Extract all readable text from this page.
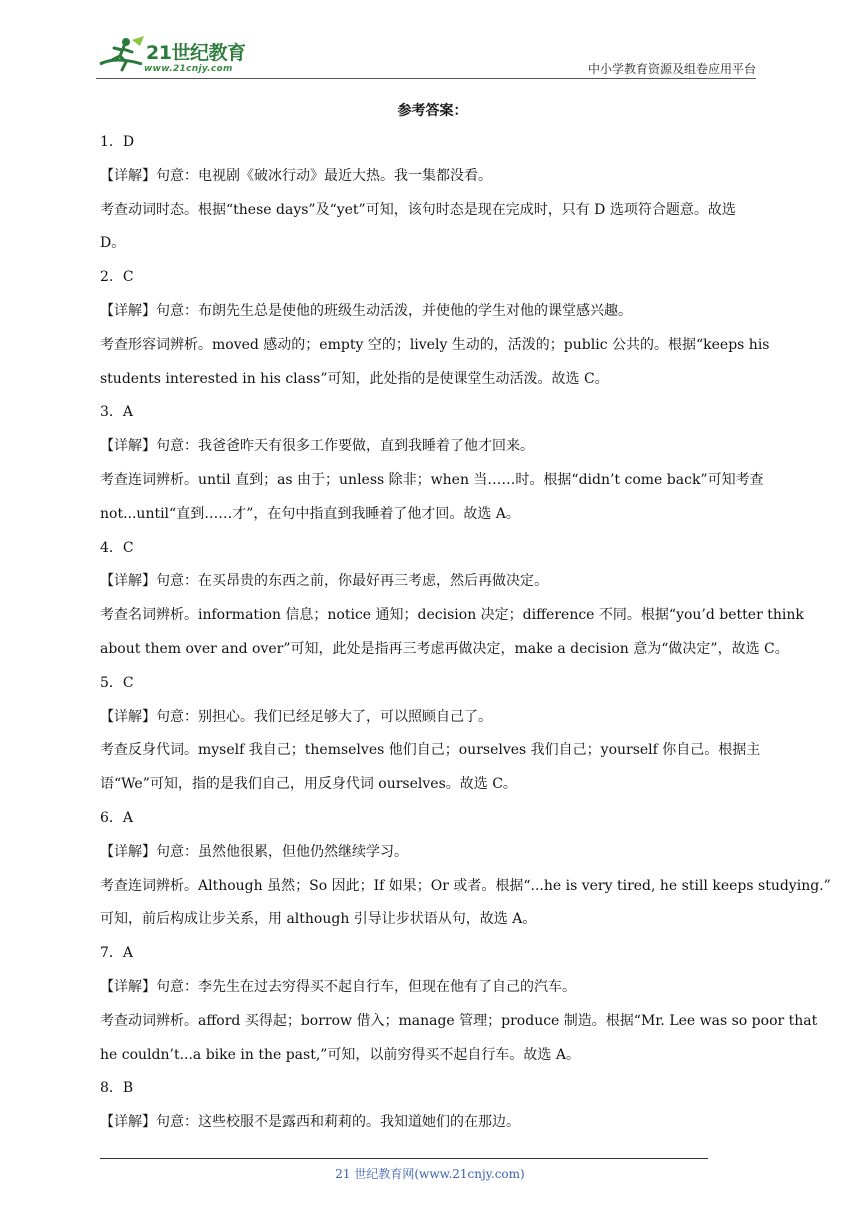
21世纪教育
www.21cnjy.com	中小学教育资源及组卷应用平台
参考答案：

1．D

【详解】句意：电视剧《破冰行动》最近大热。我一集都没看。

考查动词时态。根据“these days”及“yet”可知，该句时态是现在完成时，只有 D 选项符合题意。故选

D。

2．C

【详解】句意：布朗先生总是使他的班级生动活泼，并使他的学生对他的课堂感兴趣。

考查形容词辨析。moved 感动的；empty 空的；lively 生动的，活泼的；public 公共的。根据“keeps his

students interested in his class”可知，此处指的是使课堂生动活泼。故选 C。

3．A

【详解】句意：我爸爸昨天有很多工作要做，直到我睡着了他才回来。

考查连词辨析。until 直到；as 由于；unless 除非；when 当……时。根据“didn’t come back”可知考查

not...until“直到……才”，在句中指直到我睡着了他才回。故选 A。

4．C

【详解】句意：在买昂贵的东西之前，你最好再三考虑，然后再做决定。

考查名词辨析。information 信息；notice 通知；decision 决定；difference 不同。根据“you’d better think

about them over and over”可知，此处是指再三考虑再做决定，make a decision 意为“做决定”，故选 C。

5．C

【详解】句意：别担心。我们已经足够大了，可以照顾自己了。

考查反身代词。myself 我自己；themselves 他们自己；ourselves 我们自己；yourself 你自己。根据主

语“We”可知，指的是我们自己，用反身代词 ourselves。故选 C。

6．A

【详解】句意：虽然他很累，但他仍然继续学习。

考查连词辨析。Although 虽然；So 因此；If 如果；Or 或者。根据“...he is very tired, he still keeps studying.”

可知，前后构成让步关系，用 although 引导让步状语从句，故选 A。

7．A

【详解】句意：李先生在过去穷得买不起自行车，但现在他有了自己的汽车。

考查动词辨析。afford 买得起；borrow 借入；manage 管理；produce 制造。根据“Mr. Lee was so poor that

he couldn’t...a bike in the past,”可知，以前穷得买不起自行车。故选 A。

8．B

【详解】句意：这些校服不是露西和莉莉的。我知道她们的在那边。

21 世纪教育网(www.21cnjy.com)
